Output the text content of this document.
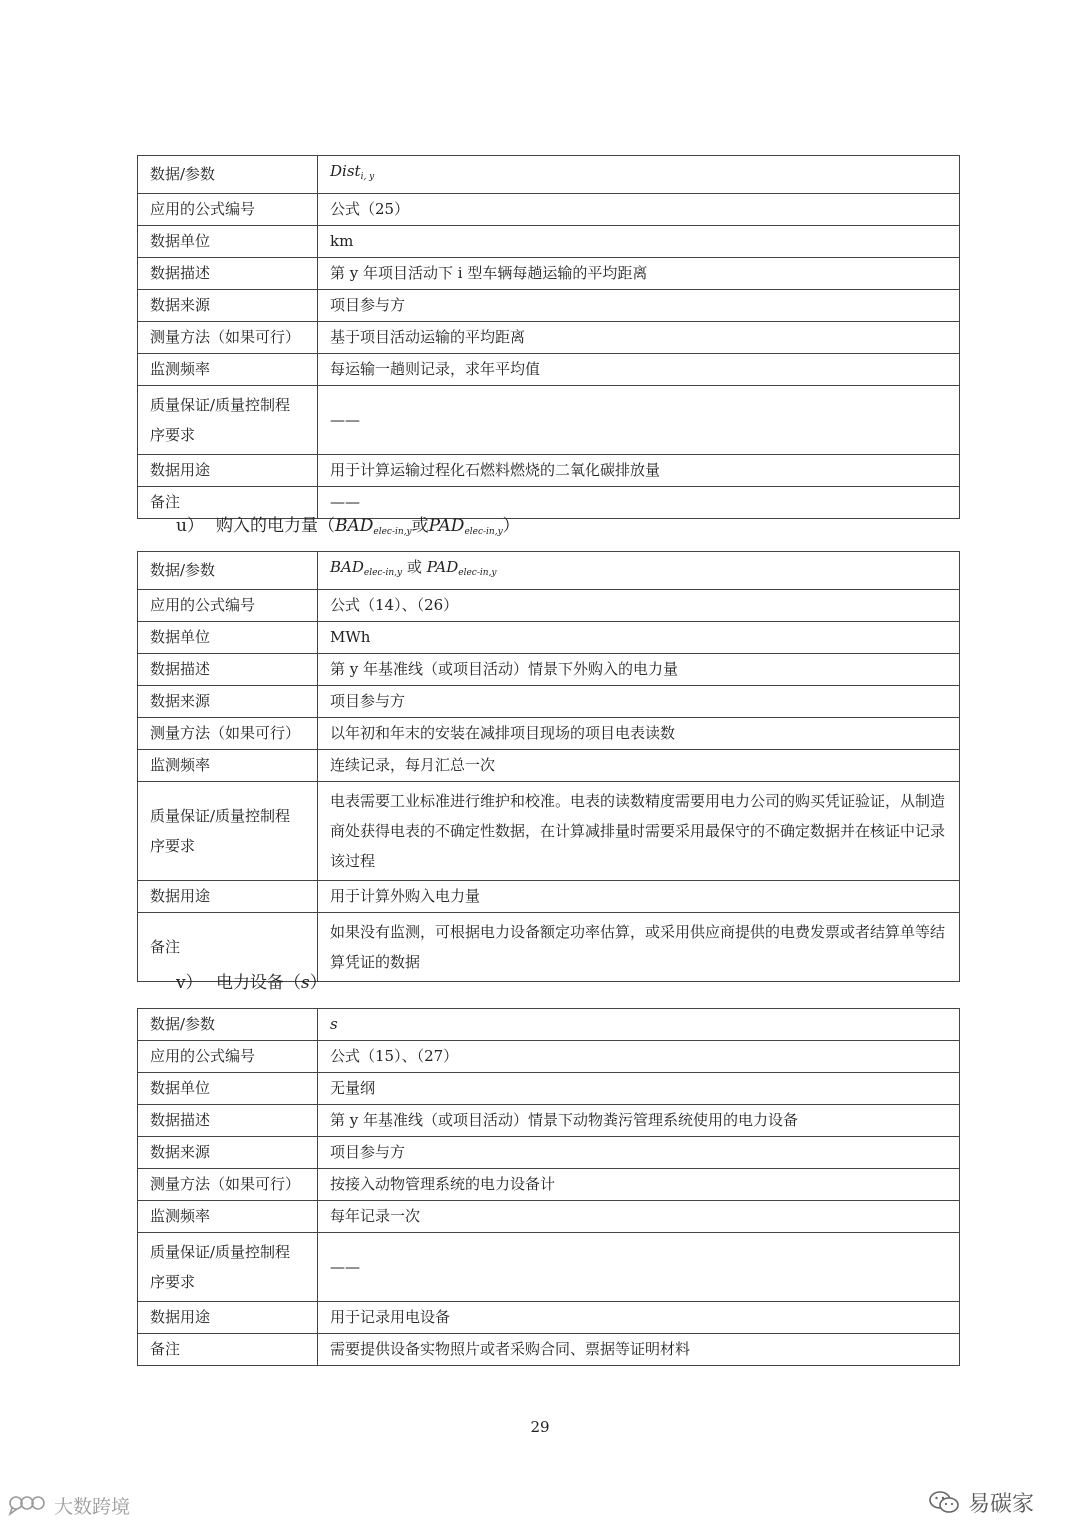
数据/参数	Dist$_{i, y}$
应用的公式编号	公式（25）
数据单位	km
数据描述	第 y 年项目活动下 i 型车辆每趟运输的平均距离
数据来源	项目参与方
测量方法（如果可行）	基于项目活动运输的平均距离
监测频率	每运输一趟则记录，求年平均值
质量保证/质量控制程序要求	——
数据用途	用于计算运输过程化石燃料燃烧的二氧化碳排放量
备注	——
u） 购入的电力量（$BAD_{elec-in,y}$或$PAD_{elec-in,y}$）
数据/参数	$BAD_{elec-in,y}$ 或 $PAD_{elec-in,y}$
应用的公式编号	公式（14）、（26）
数据单位	MWh
数据描述	第 y 年基准线（或项目活动）情景下外购入的电力量
数据来源	项目参与方
测量方法（如果可行）	以年初和年末的安装在减排项目现场的项目电表读数
监测频率	连续记录，每月汇总一次
质量保证/质量控制程序要求	电表需要工业标准进行维护和校准。电表的读数精度需要用电力公司的购买凭证验证，从制造商处获得电表的不确定性数据，在计算减排量时需要采用最保守的不确定数据并在核证中记录该过程
数据用途	用于计算外购入电力量
备注	如果没有监测，可根据电力设备额定功率估算，或采用供应商提供的电费发票或者结算单等结算凭证的数据
v） 电力设备（s）
数据/参数	s
应用的公式编号	公式（15）、（27）
数据单位	无量纲
数据描述	第 y 年基准线（或项目活动）情景下动物粪污管理系统使用的电力设备
数据来源	项目参与方
测量方法（如果可行）	按接入动物管理系统的电力设备计
监测频率	每年记录一次
质量保证/质量控制程序要求	——
数据用途	用于记录用电设备
备注	需要提供设备实物照片或者采购合同、票据等证明材料
29
大数跨境	易碳家
